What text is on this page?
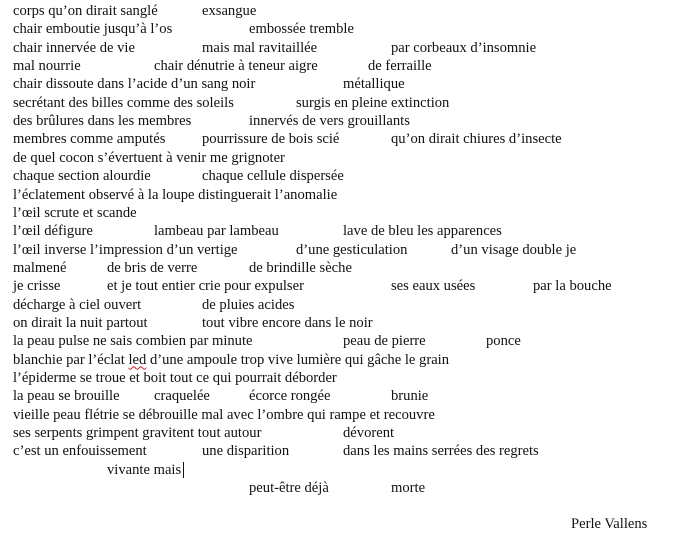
corps qu’on dirait sanglé	exsangue
chair emboutie jusqu’à l’os	embossée tremble
chair innervée de vie	mais mal ravitaillée	par corbeaux d’insomnie
mal nourrie	chair dénutrie à teneur aigre	de ferraille
chair dissoute dans l’acide d’un sang noir	métallique
secrétant des billes comme des soleils	surgis en pleine extinction
des brûlures dans les membres	innervés de vers grouillants
membres comme amputés	pourrissure de bois scié	qu’on dirait chiures d’insecte
de quel cocon s’évertuent à venir me grignoter
chaque section alourdie	chaque cellule dispersée
l’éclatement observé à la loupe distinguerait l’anomalie
l’œil scrute et scande
l’œil défigure	lambeau par lambeau	lave de bleu les apparences
l’œil inverse l’impression d’un vertige	d’une gesticulation	d’un visage double je
malmené	de bris de verre	de brindille sèche
je crisse	et je tout entier crie pour expulser	ses eaux usées	par la bouche
décharge à ciel ouvert	de pluies acides
on dirait la nuit partout	tout vibre encore dans le noir
la peau pulse ne sais combien par minute	peau de pierre	ponce
blanchie par l’éclat led d’une ampoule trop vive lumière qui gâche le grain
l’épiderme se troue et boit tout ce qui pourrait déborder
la peau se brouille craquelée	écorce rongée	brunie
vieille peau flétrie se débrouille mal avec l’ombre qui rampe et recouvre
ses serpents grimpent gravitent tout autour	dévorent
c’est un enfouissement	une disparition	dans les mains serrées des regrets
vivante mais
peut-être déjà	morte
Perle Vallens
